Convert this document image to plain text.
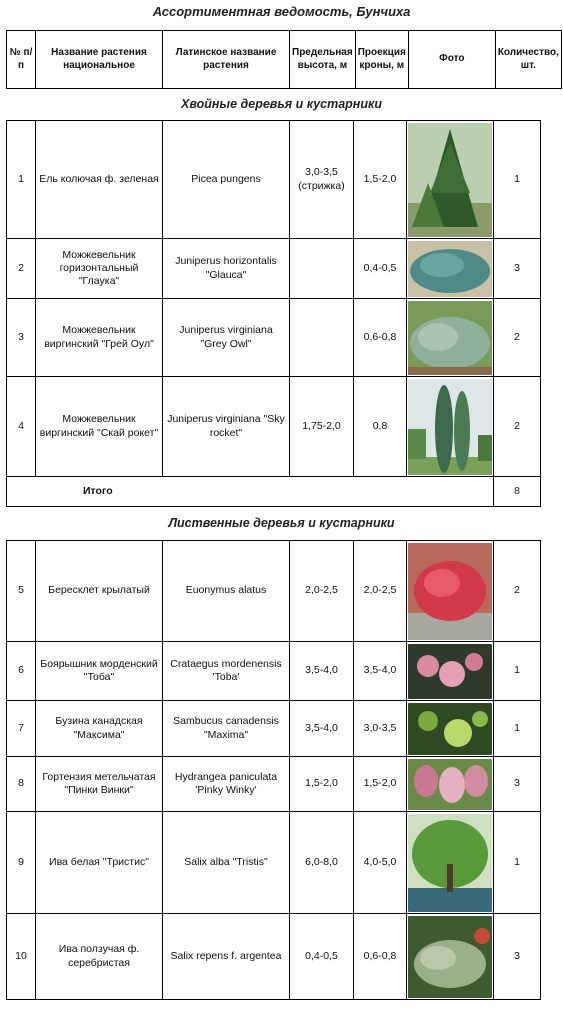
Ассортиментная ведомость, Бунчиха
№ п/п	Название растения национальное	Латинское название растения	Предельная высота, м	Проекция кроны, м	Фото	Количество, шт.
Хвойные деревья и кустарники
1	Ель колючая ф. зеленая	Picea pungens	3,0-3,5 (стрижка)	1,5-2,0		1
2	Можжевельник горизонтальный "Глаука"	Juniperus horizontalis "Glauca"		0,4-0,5		3
3	Можжевельник виргинский "Грей Оул"	Juniperus virginiana "Grey Owl"		0,6-0,8		2
4	Можжевельник виргинский "Скай рокет"	Juniperus virginiana "Sky rocket"	1,75-2,0	0,8		2
Итого						8
Лиственные деревья и кустарники
5	Бересклет крылатый	Euonymus alatus	2,0-2,5	2,0-2,5		2
6	Боярышник морденский "Тоба"	Crataegus mordenensis 'Toba'	3,5-4,0	3,5-4,0		1
7	Бузина канадская "Максима"	Sambucus canadensis "Maxima"	3,5-4,0	3,0-3,5		1
8	Гортензия метельчатая "Пинки Винки"	Hydrangea paniculata 'Pinky Winky'	1,5-2,0	1,5-2,0		3
9	Ива белая "Тристис"	Salix alba "Tristis"	6,0-8,0	4,0-5,0		1
10	Ива ползучая ф. серебристая	Salix repens f. argentea	0,4-0,5	0,6-0,8		3
